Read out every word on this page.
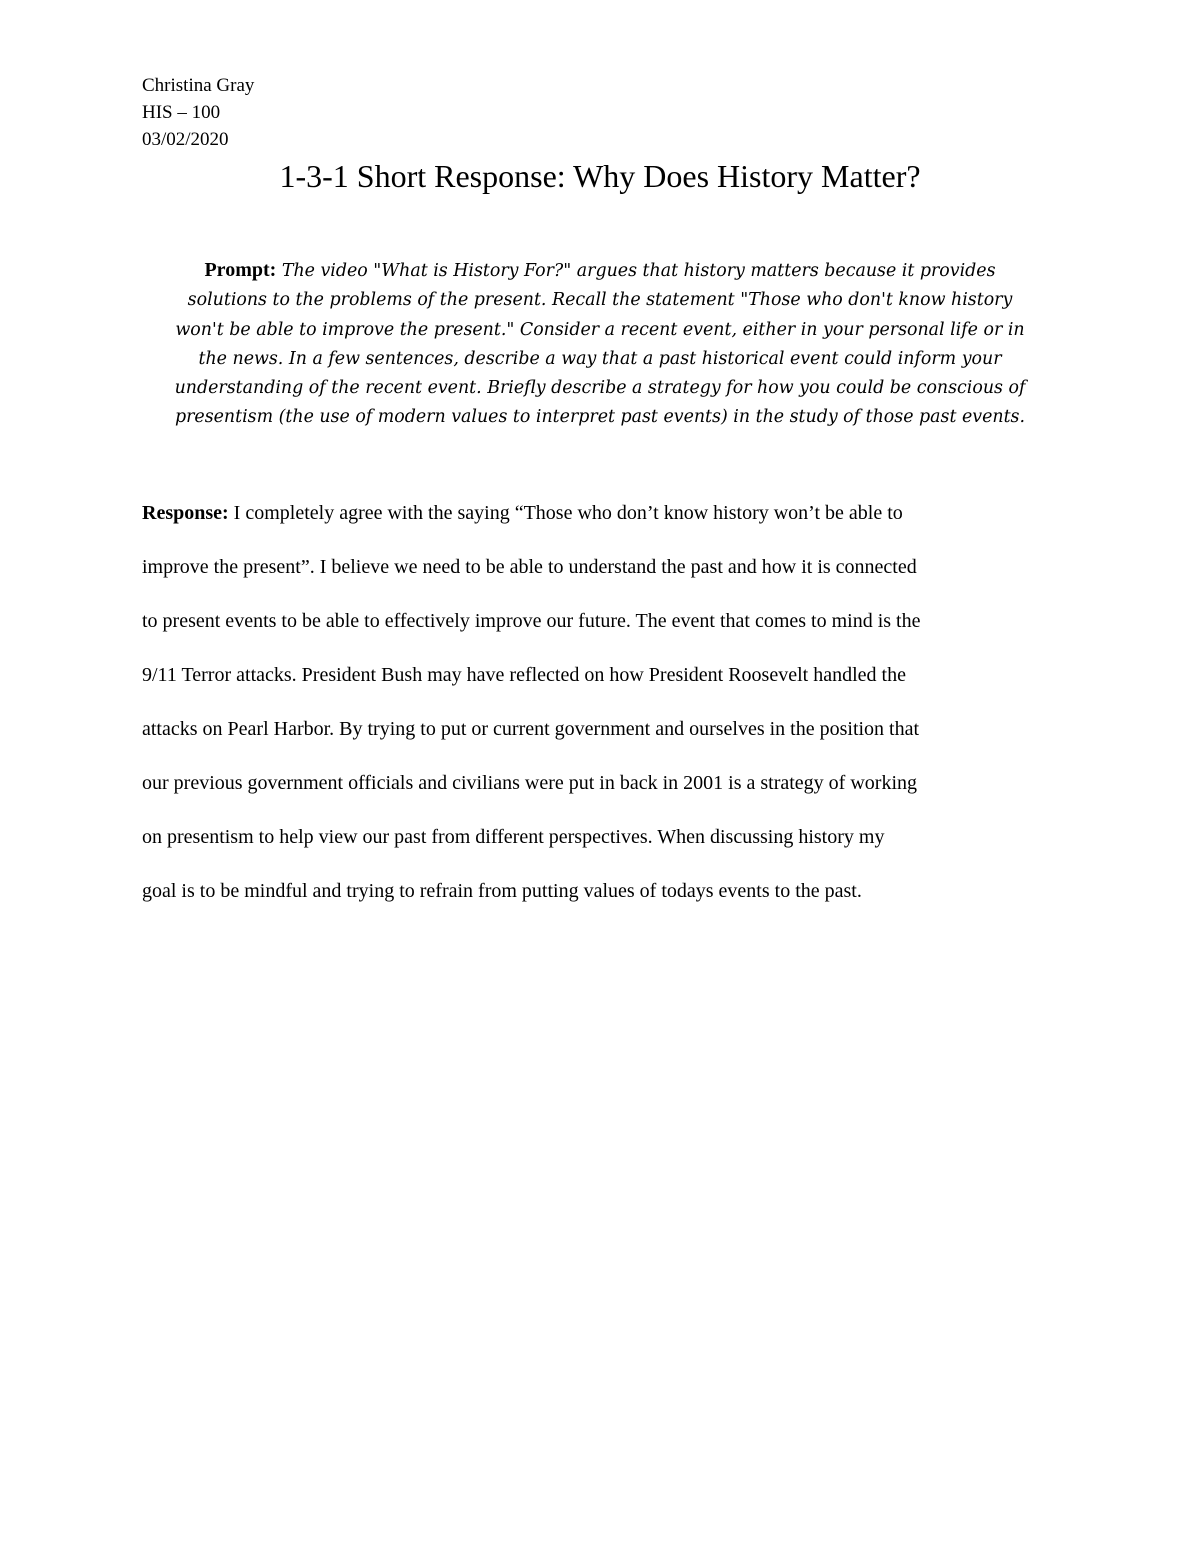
Christina Gray
HIS – 100
03/02/2020
1-3-1 Short Response: Why Does History Matter?
Prompt: The video "What is History For?" argues that history matters because it provides
solutions to the problems of the present. Recall the statement "Those who don't know history
won't be able to improve the present." Consider a recent event, either in your personal life or in
the news. In a few sentences, describe a way that a past historical event could inform your
understanding of the recent event. Briefly describe a strategy for how you could be conscious of
presentism (the use of modern values to interpret past events) in the study of those past events.
Response: I completely agree with the saying “Those who don’t know history won’t be able to
improve the present”. I believe we need to be able to understand the past and how it is connected
to present events to be able to effectively improve our future. The event that comes to mind is the
9/11 Terror attacks. President Bush may have reflected on how President Roosevelt handled the
attacks on Pearl Harbor. By trying to put or current government and ourselves in the position that
our previous government officials and civilians were put in back in 2001 is a strategy of working
on presentism to help view our past from different perspectives. When discussing history my
goal is to be mindful and trying to refrain from putting values of todays events to the past.
